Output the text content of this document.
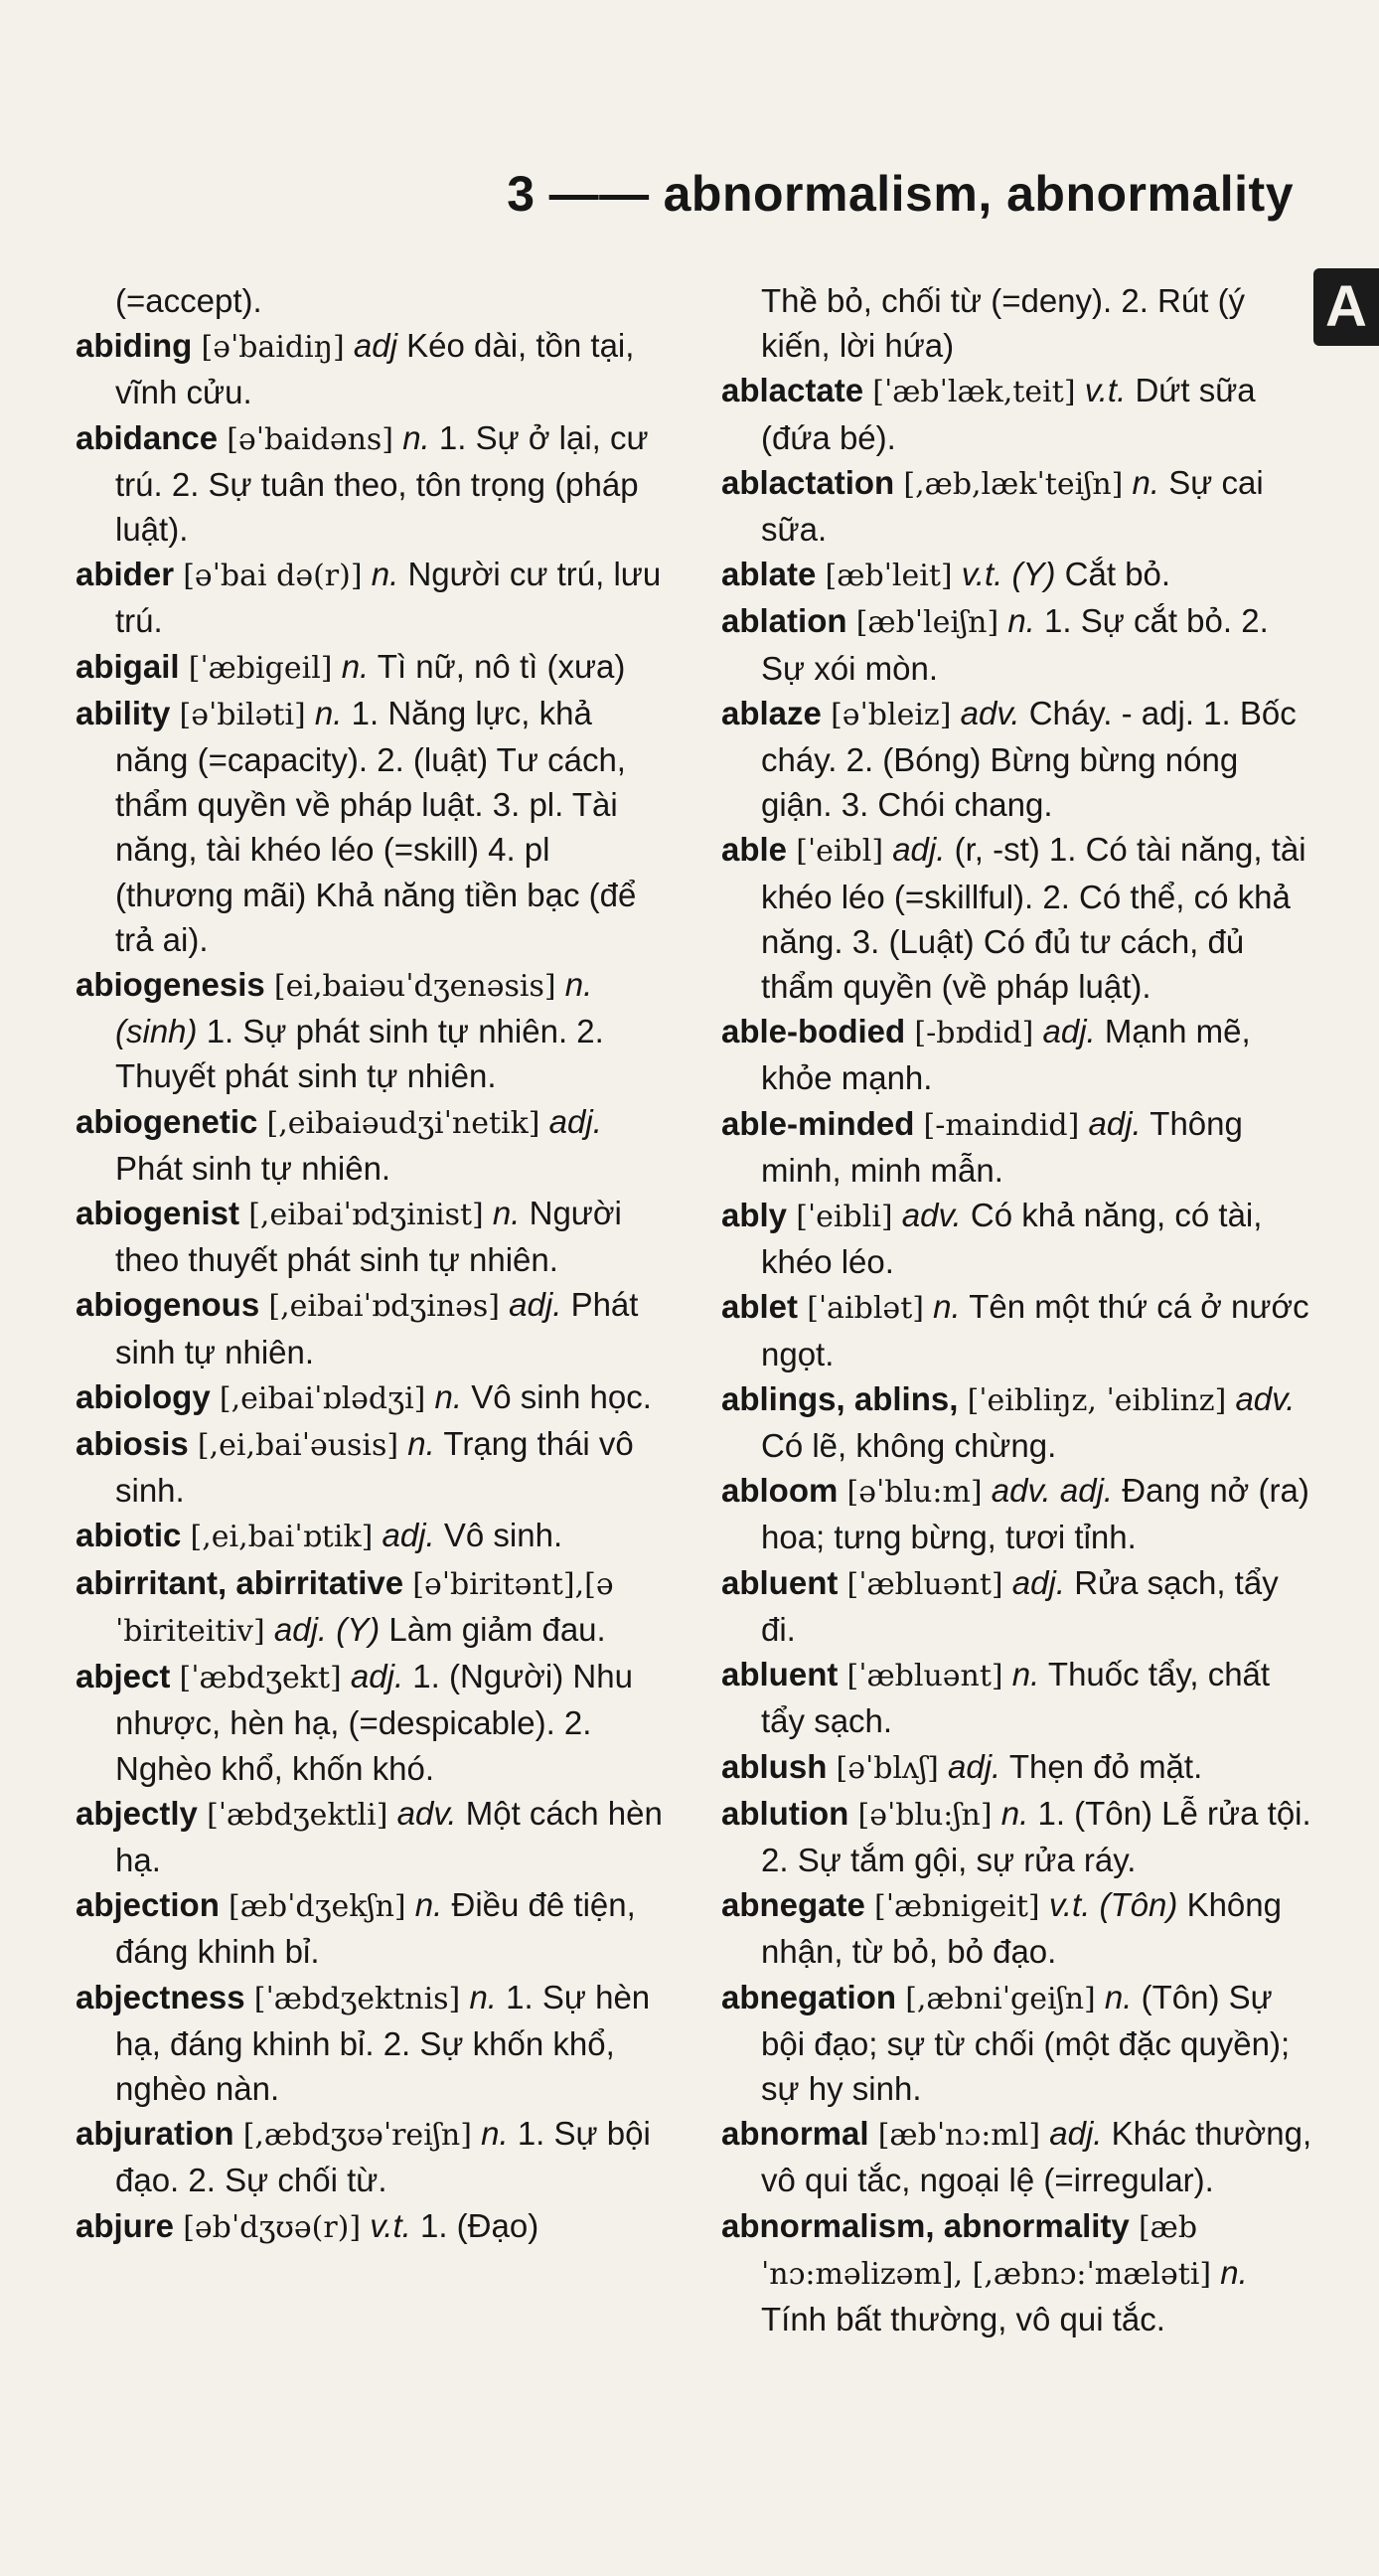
3 —— abnormalism, abnormality
A

(=accept).

abiding [əˈbaidiŋ] adj Kéo dài, tồn tại, vĩnh cửu.

abidance [əˈbaidəns] n. 1. Sự ở lại, cư trú. 2. Sự tuân theo, tôn trọng (pháp luật).

abider [əˈbai də(r)] n. Người cư trú, lưu trú.

abigail [ˈæbigeil] n. Tì nữ, nô tì (xưa)

ability [əˈbiləti] n. 1. Năng lực, khả năng (=capacity). 2. (luật) Tư cách, thẩm quyền về pháp luật. 3. pl. Tài năng, tài khéo léo (=skill) 4. pl (thương mãi) Khả năng tiền bạc (để trả ai).

abiogenesis [ei,baiəuˈdʒenəsis] n. (sinh) 1. Sự phát sinh tự nhiên. 2. Thuyết phát sinh tự nhiên.

abiogenetic [,eibaiəudʒiˈnetik] adj. Phát sinh tự nhiên.

abiogenist [,eibaiˈɒdʒinist] n. Người theo thuyết phát sinh tự nhiên.

abiogenous [,eibaiˈɒdʒinəs] adj. Phát sinh tự nhiên.

abiology [,eibaiˈɒlədʒi] n. Vô sinh học.

abiosis [,ei,baiˈəusis] n. Trạng thái vô sinh.

abiotic [,ei,baiˈɒtik] adj. Vô sinh.

abirritant, abirritative [əˈbiritənt],[əˈbiriteitiv] adj. (Y) Làm giảm đau.

abject [ˈæbdʒekt] adj. 1. (Người) Nhu nhược, hèn hạ, (=despicable). 2. Nghèo khổ, khốn khó.

abjectly [ˈæbdʒektli] adv. Một cách hèn hạ.

abjection [æbˈdʒekʃn] n. Điều đê tiện, đáng khinh bỉ.

abjectness [ˈæbdʒektnis] n. 1. Sự hèn hạ, đáng khinh bỉ. 2. Sự khốn khổ, nghèo nàn.

abjuration [,æbdʒʊəˈreiʃn] n. 1. Sự bội đạo. 2. Sự chối từ.

abjure [əbˈdʒʊə(r)] v.t. 1. (Đạo)

Thề bỏ, chối từ (=deny). 2. Rút (ý kiến, lời hứa)

ablactate [ˈæbˈlæk,teit] v.t. Dứt sữa (đứa bé).

ablactation [,æb,lækˈteiʃn] n. Sự cai sữa.

ablate [æbˈleit] v.t. (Y) Cắt bỏ.

ablation [æbˈleiʃn] n. 1. Sự cắt bỏ. 2. Sự xói mòn.

ablaze [əˈbleiz] adv. Cháy. - adj. 1. Bốc cháy. 2. (Bóng) Bừng bừng nóng giận. 3. Chói chang.

able [ˈeibl] adj. (r, -st) 1. Có tài năng, tài khéo léo (=skillful). 2. Có thể, có khả năng. 3. (Luật) Có đủ tư cách, đủ thẩm quyền (về pháp luật).

able-bodied [-bɒdid] adj. Mạnh mẽ, khỏe mạnh.

able-minded [-maindid] adj. Thông minh, minh mẫn.

ably [ˈeibli] adv. Có khả năng, có tài, khéo léo.

ablet [ˈaiblət] n. Tên một thứ cá ở nước ngọt.

ablings, ablins, [ˈeibliŋz, ˈeiblinz] adv. Có lẽ, không chừng.

abloom [əˈblu:m] adv. adj. Đang nở (ra) hoa; tưng bừng, tươi tỉnh.

abluent [ˈæbluənt] adj. Rửa sạch, tẩy đi.

abluent [ˈæbluənt] n. Thuốc tẩy, chất tẩy sạch.

ablush [əˈblʌʃ] adj. Thẹn đỏ mặt.

ablution [əˈblu:ʃn] n. 1. (Tôn) Lễ rửa tội. 2. Sự tắm gội, sự rửa ráy.

abnegate [ˈæbnigeit] v.t. (Tôn) Không nhận, từ bỏ, bỏ đạo.

abnegation [,æbniˈgeiʃn] n. (Tôn) Sự bội đạo; sự từ chối (một đặc quyền); sự hy sinh.

abnormal [æbˈnɔ:ml] adj. Khác thường, vô qui tắc, ngoại lệ (=irregular).

abnormalism, abnormality [æbˈnɔ:məlizəm], [,æbnɔ:ˈmæləti] n. Tính bất thường, vô qui tắc.
